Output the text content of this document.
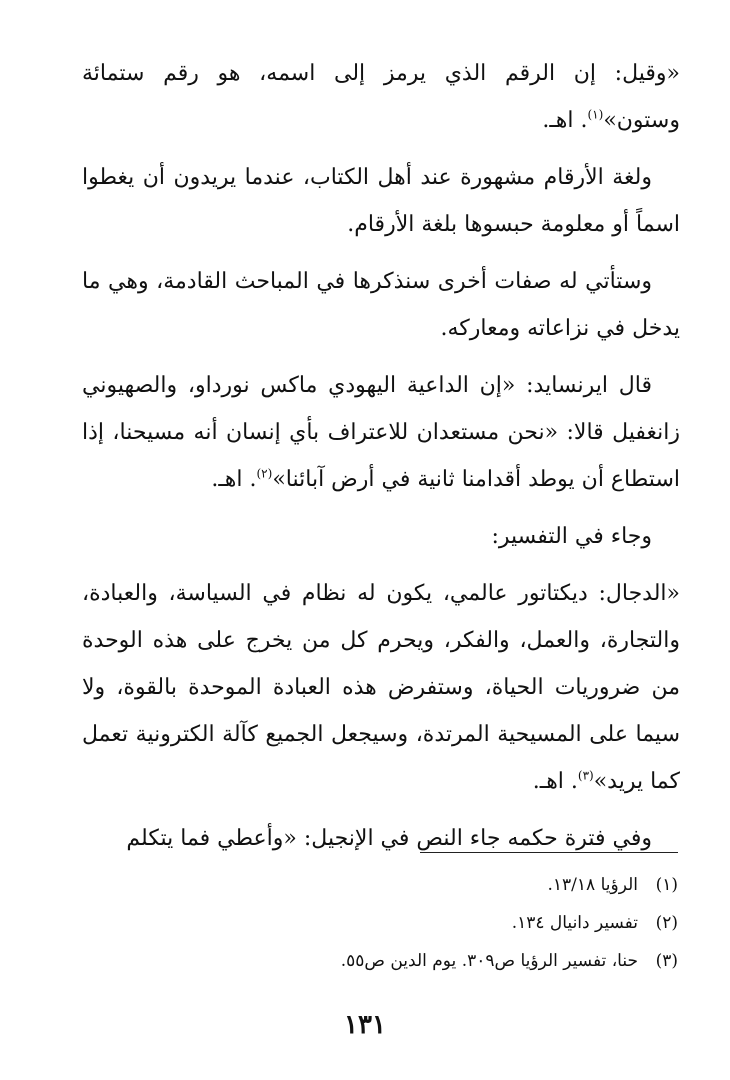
«وقيل: إن الرقم الذي يرمز إلى اسمه، هو رقم ستمائة وستون»$^{(١)}$. اهـ.

ولغة الأرقام مشهورة عند أهل الكتاب، عندما يريدون أن يغطوا اسماً أو معلومة حبسوها بلغة الأرقام.

وستأتي له صفات أخرى سنذكرها في المباحث القادمة، وهي ما يدخل في نزاعاته ومعاركه.

قال ايرنسايد: «إن الداعية اليهودي ماكس نورداو، والصهيوني زانغفيل قالا: «نحن مستعدان للاعتراف بأي إنسان أنه مسيحنا، إذا استطاع أن يوطد أقدامنا ثانية في أرض آبائنا»$^{(٢)}$. اهـ.

وجاء في التفسير:

«الدجال: ديكتاتور عالمي، يكون له نظام في السياسة، والعبادة، والتجارة، والعمل، والفكر، ويحرم كل من يخرج على هذه الوحدة من ضروريات الحياة، وستفرض هذه العبادة الموحدة بالقوة، ولا سيما على المسيحية المرتدة، وسيجعل الجميع كآلة الكترونية تعمل كما يريد»$^{(٣)}$. اهـ.

وفي فترة حكمه جاء النص في الإنجيل: «وأعطي فما يتكلم

(١)الرؤيا ١٣/١٨.
(٢)تفسير دانيال ١٣٤.
(٣)حنا، تفسير الرؤيا ص٣٠٩. يوم الدين ص٥٥.
١٣١
